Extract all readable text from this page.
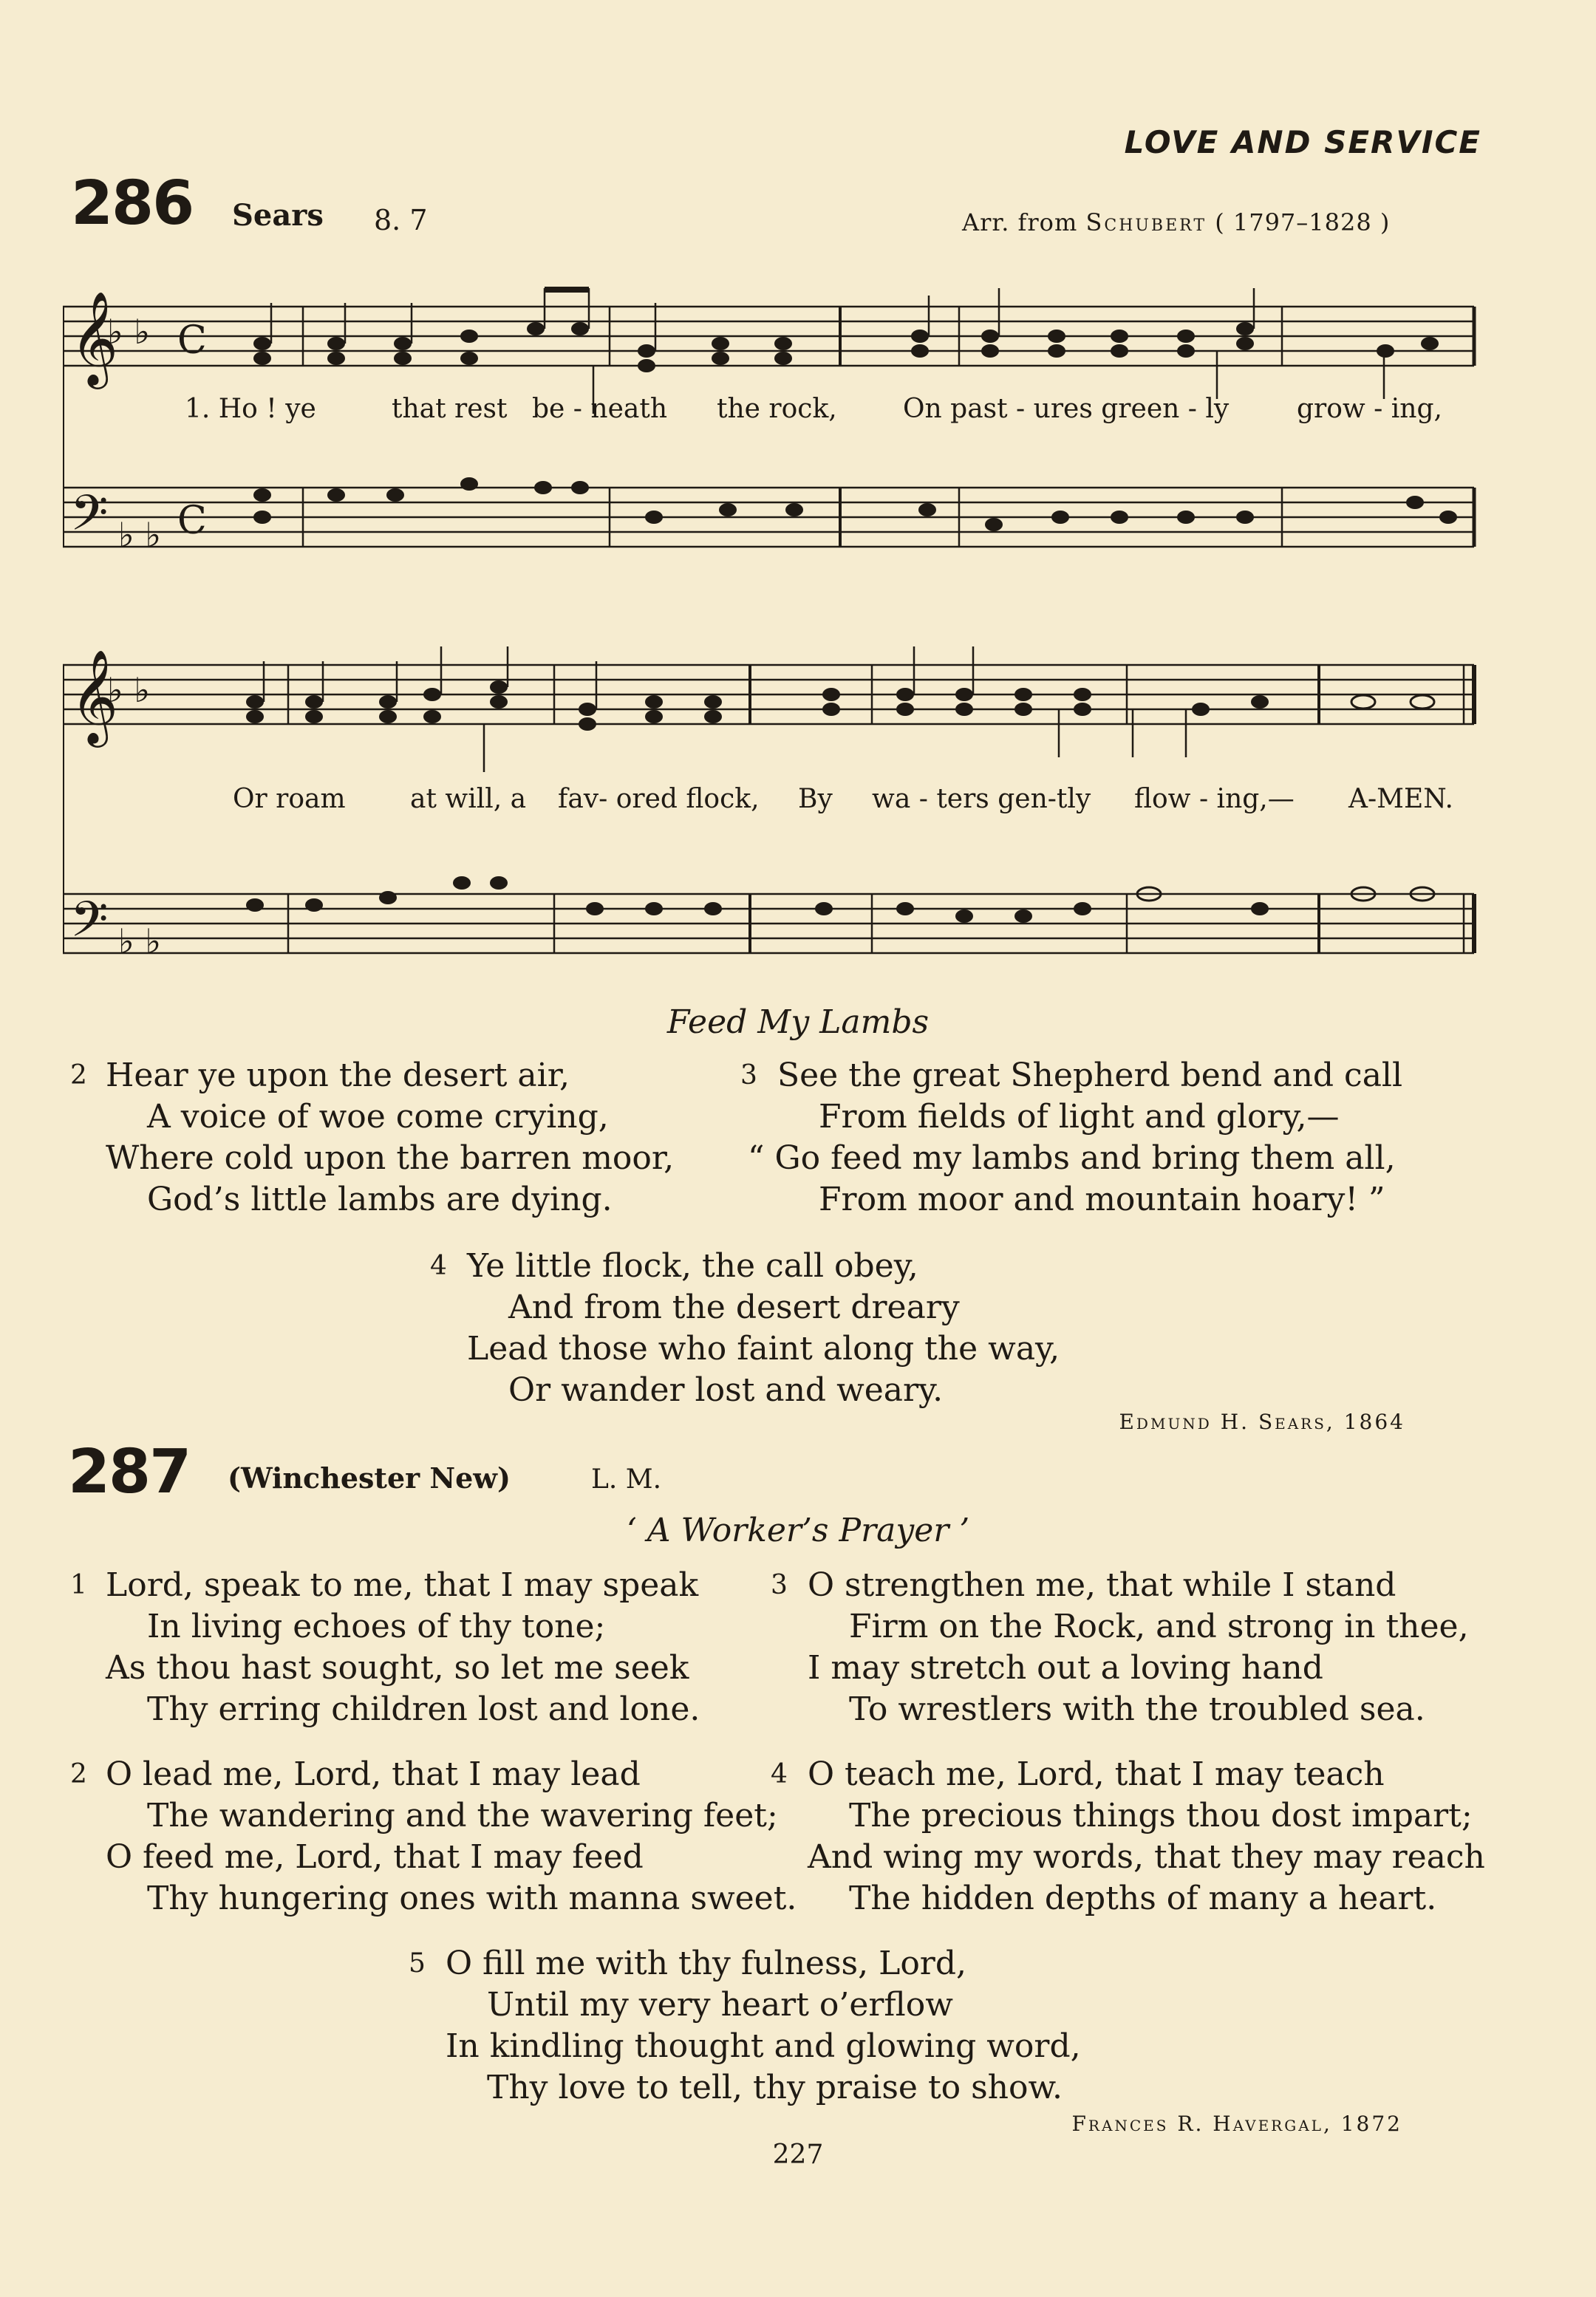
LOVE AND SERVICE
286 Sears 8. 7	Arr. from Schubert ( 1797–1828 )
𝄞
♭ ♭ C
𝄢 ♭ ♭ C
1. Ho ! ye	that rest be - neath the rock, On past - ures green - ly	grow - ing,
𝄞
♭ ♭
𝄢 ♭ ♭
Or roam at will, a fav- ored flock, By wa - ters gen-tly flow - ing,— A-MEN.
Feed My Lambs
2 Hear ye upon the desert air,
A voice of woe come crying,
Where cold upon the barren moor,
God’s little lambs are dying.
3 See the great Shepherd bend and call
From fields of light and glory,—
“ Go feed my lambs and bring them all,
From moor and mountain hoary! ”
4 Ye little flock, the call obey,
And from the desert dreary
Lead those who faint along the way,
Or wander lost and weary.
Edmund H. Sears, 1864
287 (Winchester New)	L. M.
‘ A Worker’s Prayer ’
1 Lord, speak to me, that I may speak
In living echoes of thy tone;
As thou hast sought, so let me seek
Thy erring children lost and lone.
3 O strengthen me, that while I stand
Firm on the Rock, and strong in thee,
I may stretch out a loving hand
To wrestlers with the troubled sea.
2 O lead me, Lord, that I may lead
The wandering and the wavering feet;
O feed me, Lord, that I may feed
Thy hungering ones with manna sweet.
4 O teach me, Lord, that I may teach
The precious things thou dost impart;
And wing my words, that they may reach
The hidden depths of many a heart.
5 O fill me with thy fulness, Lord,
Until my very heart o’erflow
In kindling thought and glowing word,
Thy love to tell, thy praise to show.
Frances R. Havergal, 1872
227
